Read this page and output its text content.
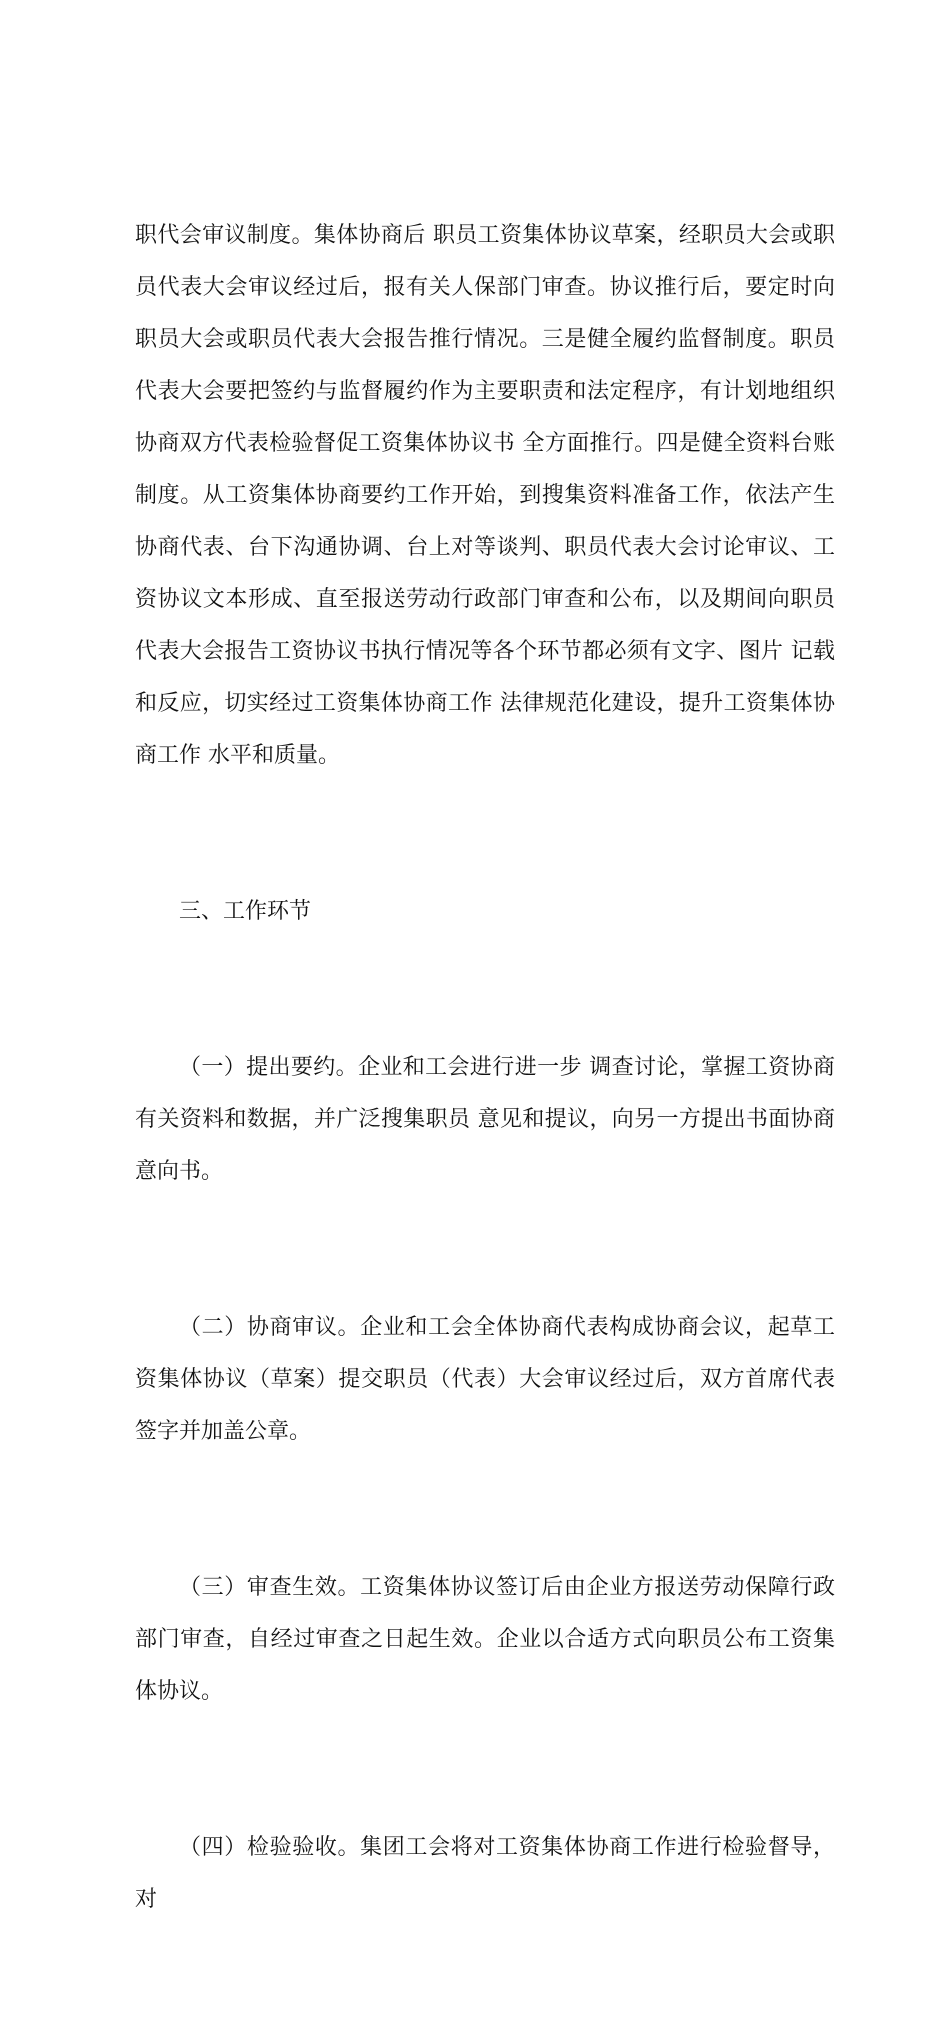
职代会审议制度。集体协商后 职员工资集体协议草案，经职员大会或职员代表大会审议经过后，报有关人保部门审查。协议推行后，要定时向职员大会或职员代表大会报告推行情况。三是健全履约监督制度。职员代表大会要把签约与监督履约作为主要职责和法定程序，有计划地组织协商双方代表检验督促工资集体协议书 全方面推行。四是健全资料台账制度。从工资集体协商要约工作开始，到搜集资料准备工作，依法产生协商代表、台下沟通协调、台上对等谈判、职员代表大会讨论审议、工资协议文本形成、直至报送劳动行政部门审查和公布，以及期间向职员代表大会报告工资协议书执行情况等各个环节都必须有文字、图片 记载和反应，切实经过工资集体协商工作 法律规范化建设，提升工资集体协商工作 水平和质量。

三、工作环节

（一）提出要约。企业和工会进行进一步 调查讨论，掌握工资协商有关资料和数据，并广泛搜集职员 意见和提议，向另一方提出书面协商意向书。

（二）协商审议。企业和工会全体协商代表构成协商会议，起草工资集体协议（草案）提交职员（代表）大会审议经过后，双方首席代表签字并加盖公章。

（三）审查生效。工资集体协议签订后由企业方报送劳动保障行政部门审查，自经过审查之日起生效。企业以合适方式向职员公布工资集体协议。

（四）检验验收。集团工会将对工资集体协商工作进行检验督导，对
